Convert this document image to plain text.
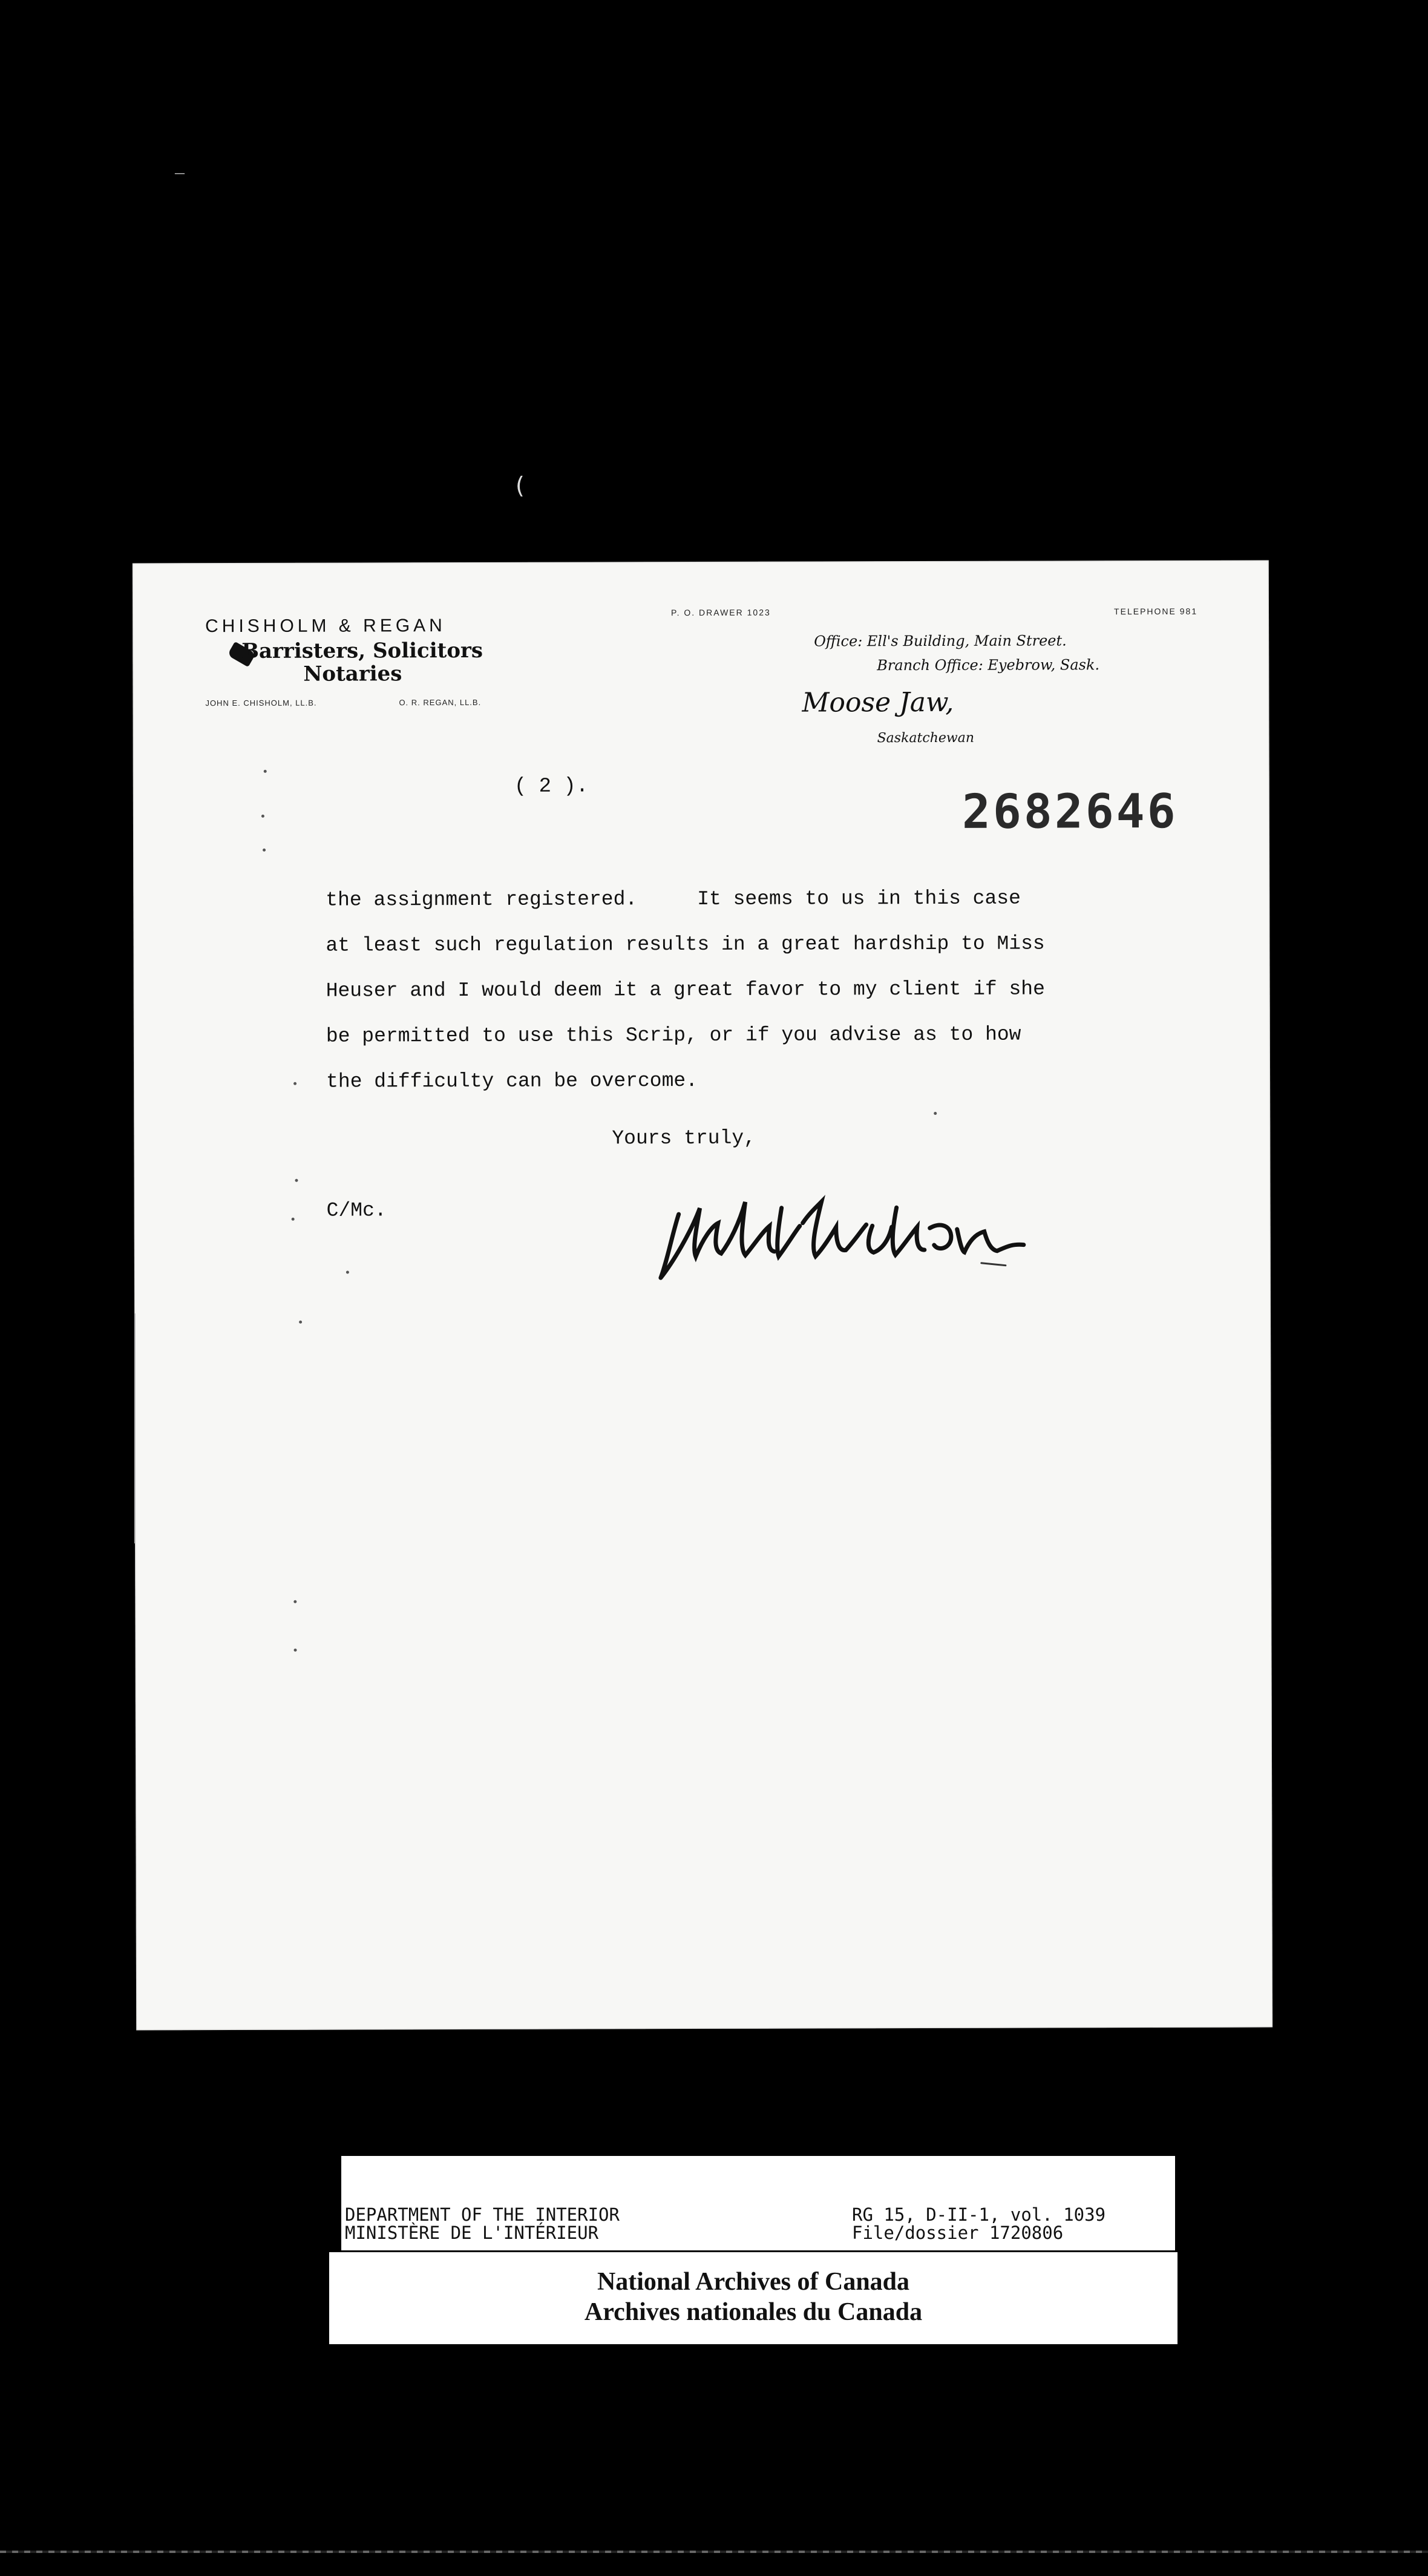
(
—
CHISHOLM & REGAN
Barristers, Solicitors
Notaries
JOHN E. CHISHOLM, LL.B.	O. R. REGAN, LL.B.
P. O. DRAWER 1023	TELEPHONE 981
Office: Ell's Building, Main Street.
Branch Office: Eyebrow, Sask.
Moose Jaw,
Saskatchewan
( 2 ).	2682646
the assignment registered.     It seems to us in this case
at least such regulation results in a great hardship to Miss
Heuser and I would deem it a great favor to my client if she
be permitted to use this Scrip, or if you advise as to how
the difficulty can be overcome.
Yours truly,
C/Mc.
DEPARTMENT OF THE INTERIOR
MINISTÈRE DE L'INTÉRIEUR
RG 15, D-II-1, vol. 1039
File/dossier 1720806
National Archives of Canada
Archives nationales du Canada
